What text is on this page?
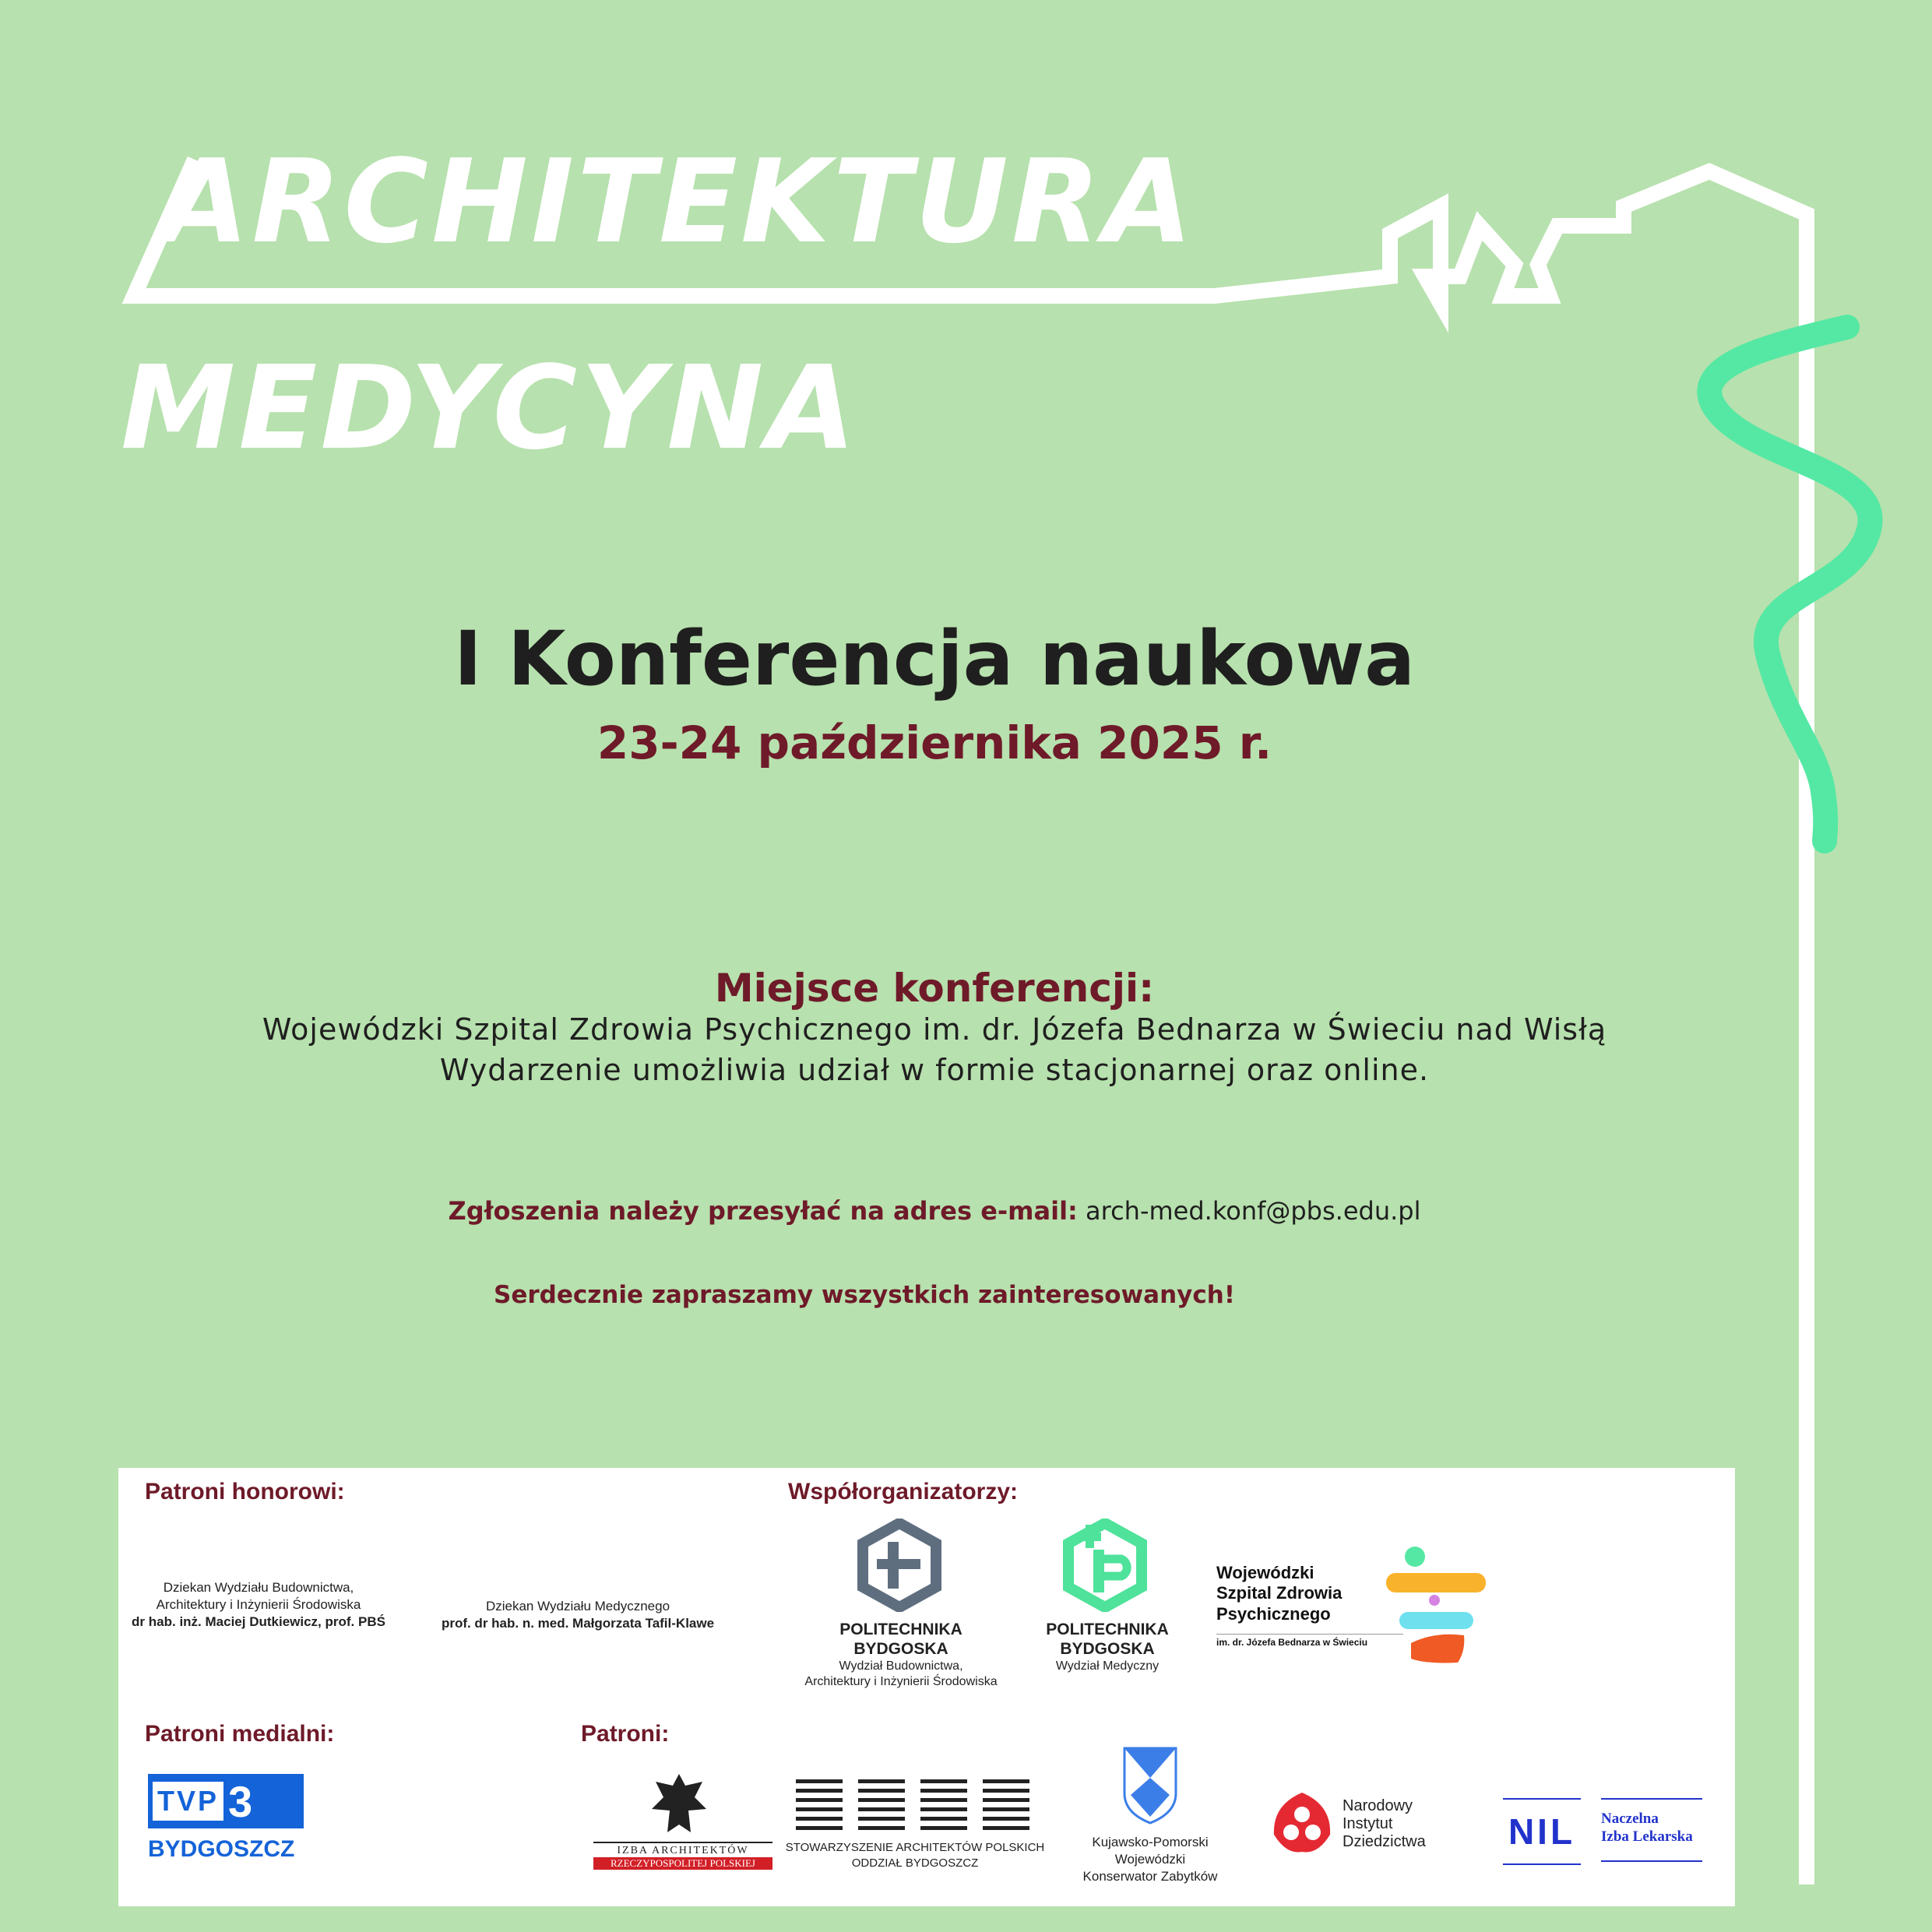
ARCHITEKTURA
MEDYCYNA
I Konferencja naukowa
23-24 października 2025 r.
Miejsce konferencji:
Wojewódzki Szpital Zdrowia Psychicznego im. dr. Józefa Bednarza w Świeciu nad Wisłą
Wydarzenie umożliwia udział w formie stacjonarnej oraz online.
Zgłoszenia należy przesyłać na adres e-mail: arch-med.konf@pbs.edu.pl
Serdecznie zapraszamy wszystkich zainteresowanych!
Patroni honorowi:
Dziekan Wydziału Budownictwa,
Architektury i Inżynierii Środowiska
dr hab. inż. Maciej Dutkiewicz, prof. PBŚ
Dziekan Wydziału Medycznego
prof. dr hab. n. med. Małgorzata Tafil-Klawe
Współorganizatorzy:
POLITECHNIKA
BYDGOSKA
Wydział Budownictwa,
Architektury i Inżynierii Środowiska
POLITECHNIKA
BYDGOSKA
Wydział Medyczny
Wojewódzki
Szpital Zdrowia
Psychicznego
im. dr. Józefa Bednarza w Świeciu
Patroni medialni:
TVP 3
BYDGOSZCZ
Patroni:
IZBA ARCHITEKTÓW
RZECZYPOSPOLITEJ POLSKIEJ
STOWARZYSZENIE ARCHITEKTÓW POLSKICH
ODDZIAŁ BYDGOSZCZ
Kujawsko-Pomorski
Wojewódzki
Konserwator Zabytków
Narodowy
Instytut
Dziedzictwa	NIL	Naczelna
Izba Lekarska
